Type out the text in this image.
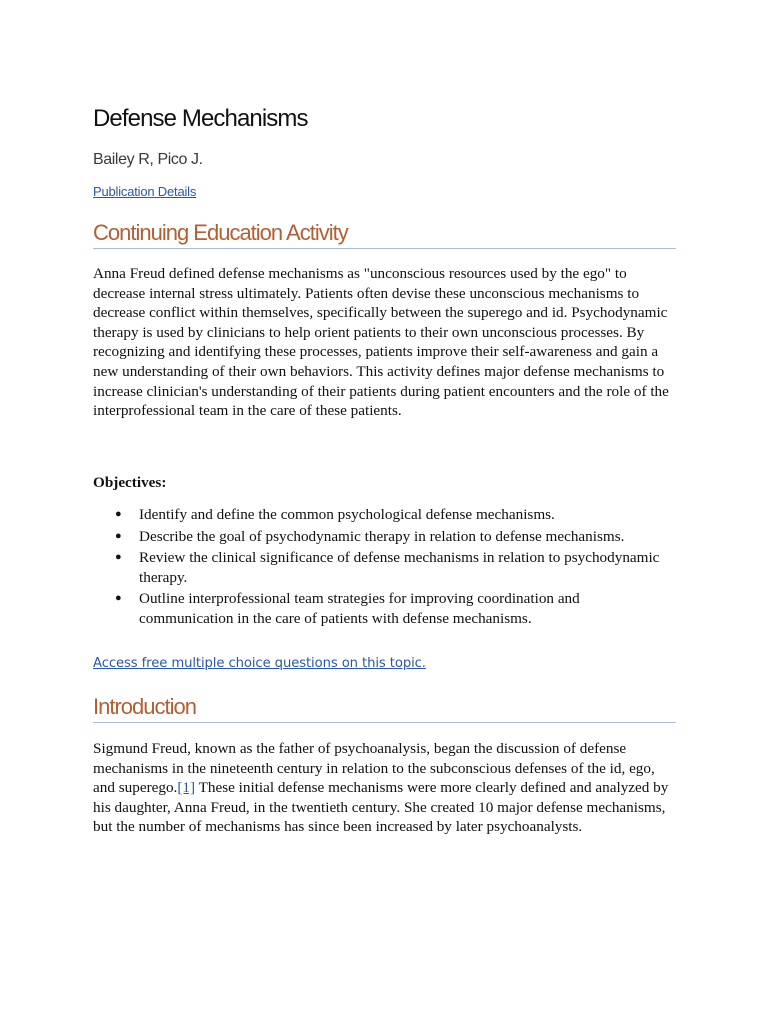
Defense Mechanisms
Bailey R, Pico J.
Publication Details
Continuing Education Activity

Anna Freud defined defense mechanisms as "unconscious resources used by the ego" to decrease internal stress ultimately. Patients often devise these unconscious mechanisms to decrease conflict within themselves, specifically between the superego and id. Psychodynamic therapy is used by clinicians to help orient patients to their own unconscious processes. By recognizing and identifying these processes, patients improve their self-awareness and gain a new understanding of their own behaviors. This activity defines major defense mechanisms to increase clinician's understanding of their patients during patient encounters and the role of the interprofessional team in the care of these patients.

Objectives:
● Identify and define the common psychological defense mechanisms.
● Describe the goal of psychodynamic therapy in relation to defense mechanisms.
● Review the clinical significance of defense mechanisms in relation to psychodynamic therapy.
● Outline interprofessional team strategies for improving coordination and communication in the care of patients with defense mechanisms.
Access free multiple choice questions on this topic.
Introduction

Sigmund Freud, known as the father of psychoanalysis, began the discussion of defense mechanisms in the nineteenth century in relation to the subconscious defenses of the id, ego, and superego.[1] These initial defense mechanisms were more clearly defined and analyzed by his daughter, Anna Freud, in the twentieth century. She created 10 major defense mechanisms, but the number of mechanisms has since been increased by later psychoanalysts.
